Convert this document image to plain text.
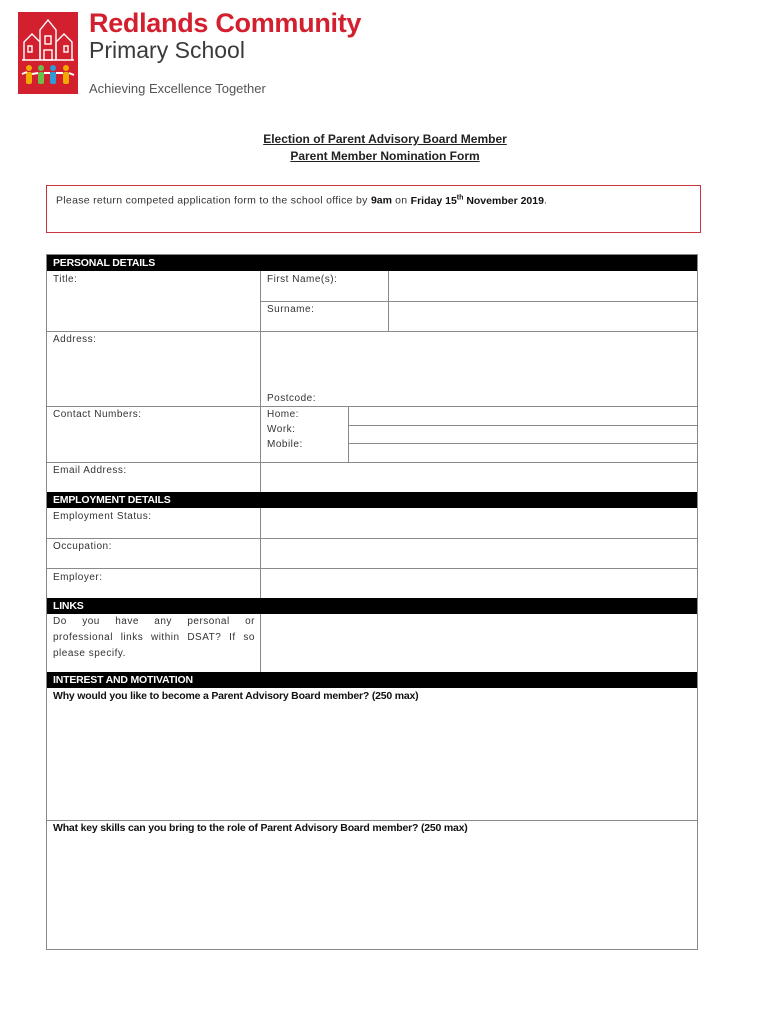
Redlands Community
Primary School
Achieving Excellence Together
Election of Parent Advisory Board Member
Parent Member Nomination Form
Please return competed application form to the school office by 9am on Friday 15th November 2019.
PERSONAL DETAILS
Title:	First Name(s):
Surname:
Address:
Postcode:
Contact Numbers:	Home:
Work:
Mobile:
Email Address:
EMPLOYMENT DETAILS
Employment Status:
Occupation:
Employer:
LINKS
Do you have any personal or professional links within DSAT? If so please specify.
INTEREST AND MOTIVATION
Why would you like to become a Parent Advisory Board member? (250 max)
What key skills can you bring to the role of Parent Advisory Board member? (250 max)
